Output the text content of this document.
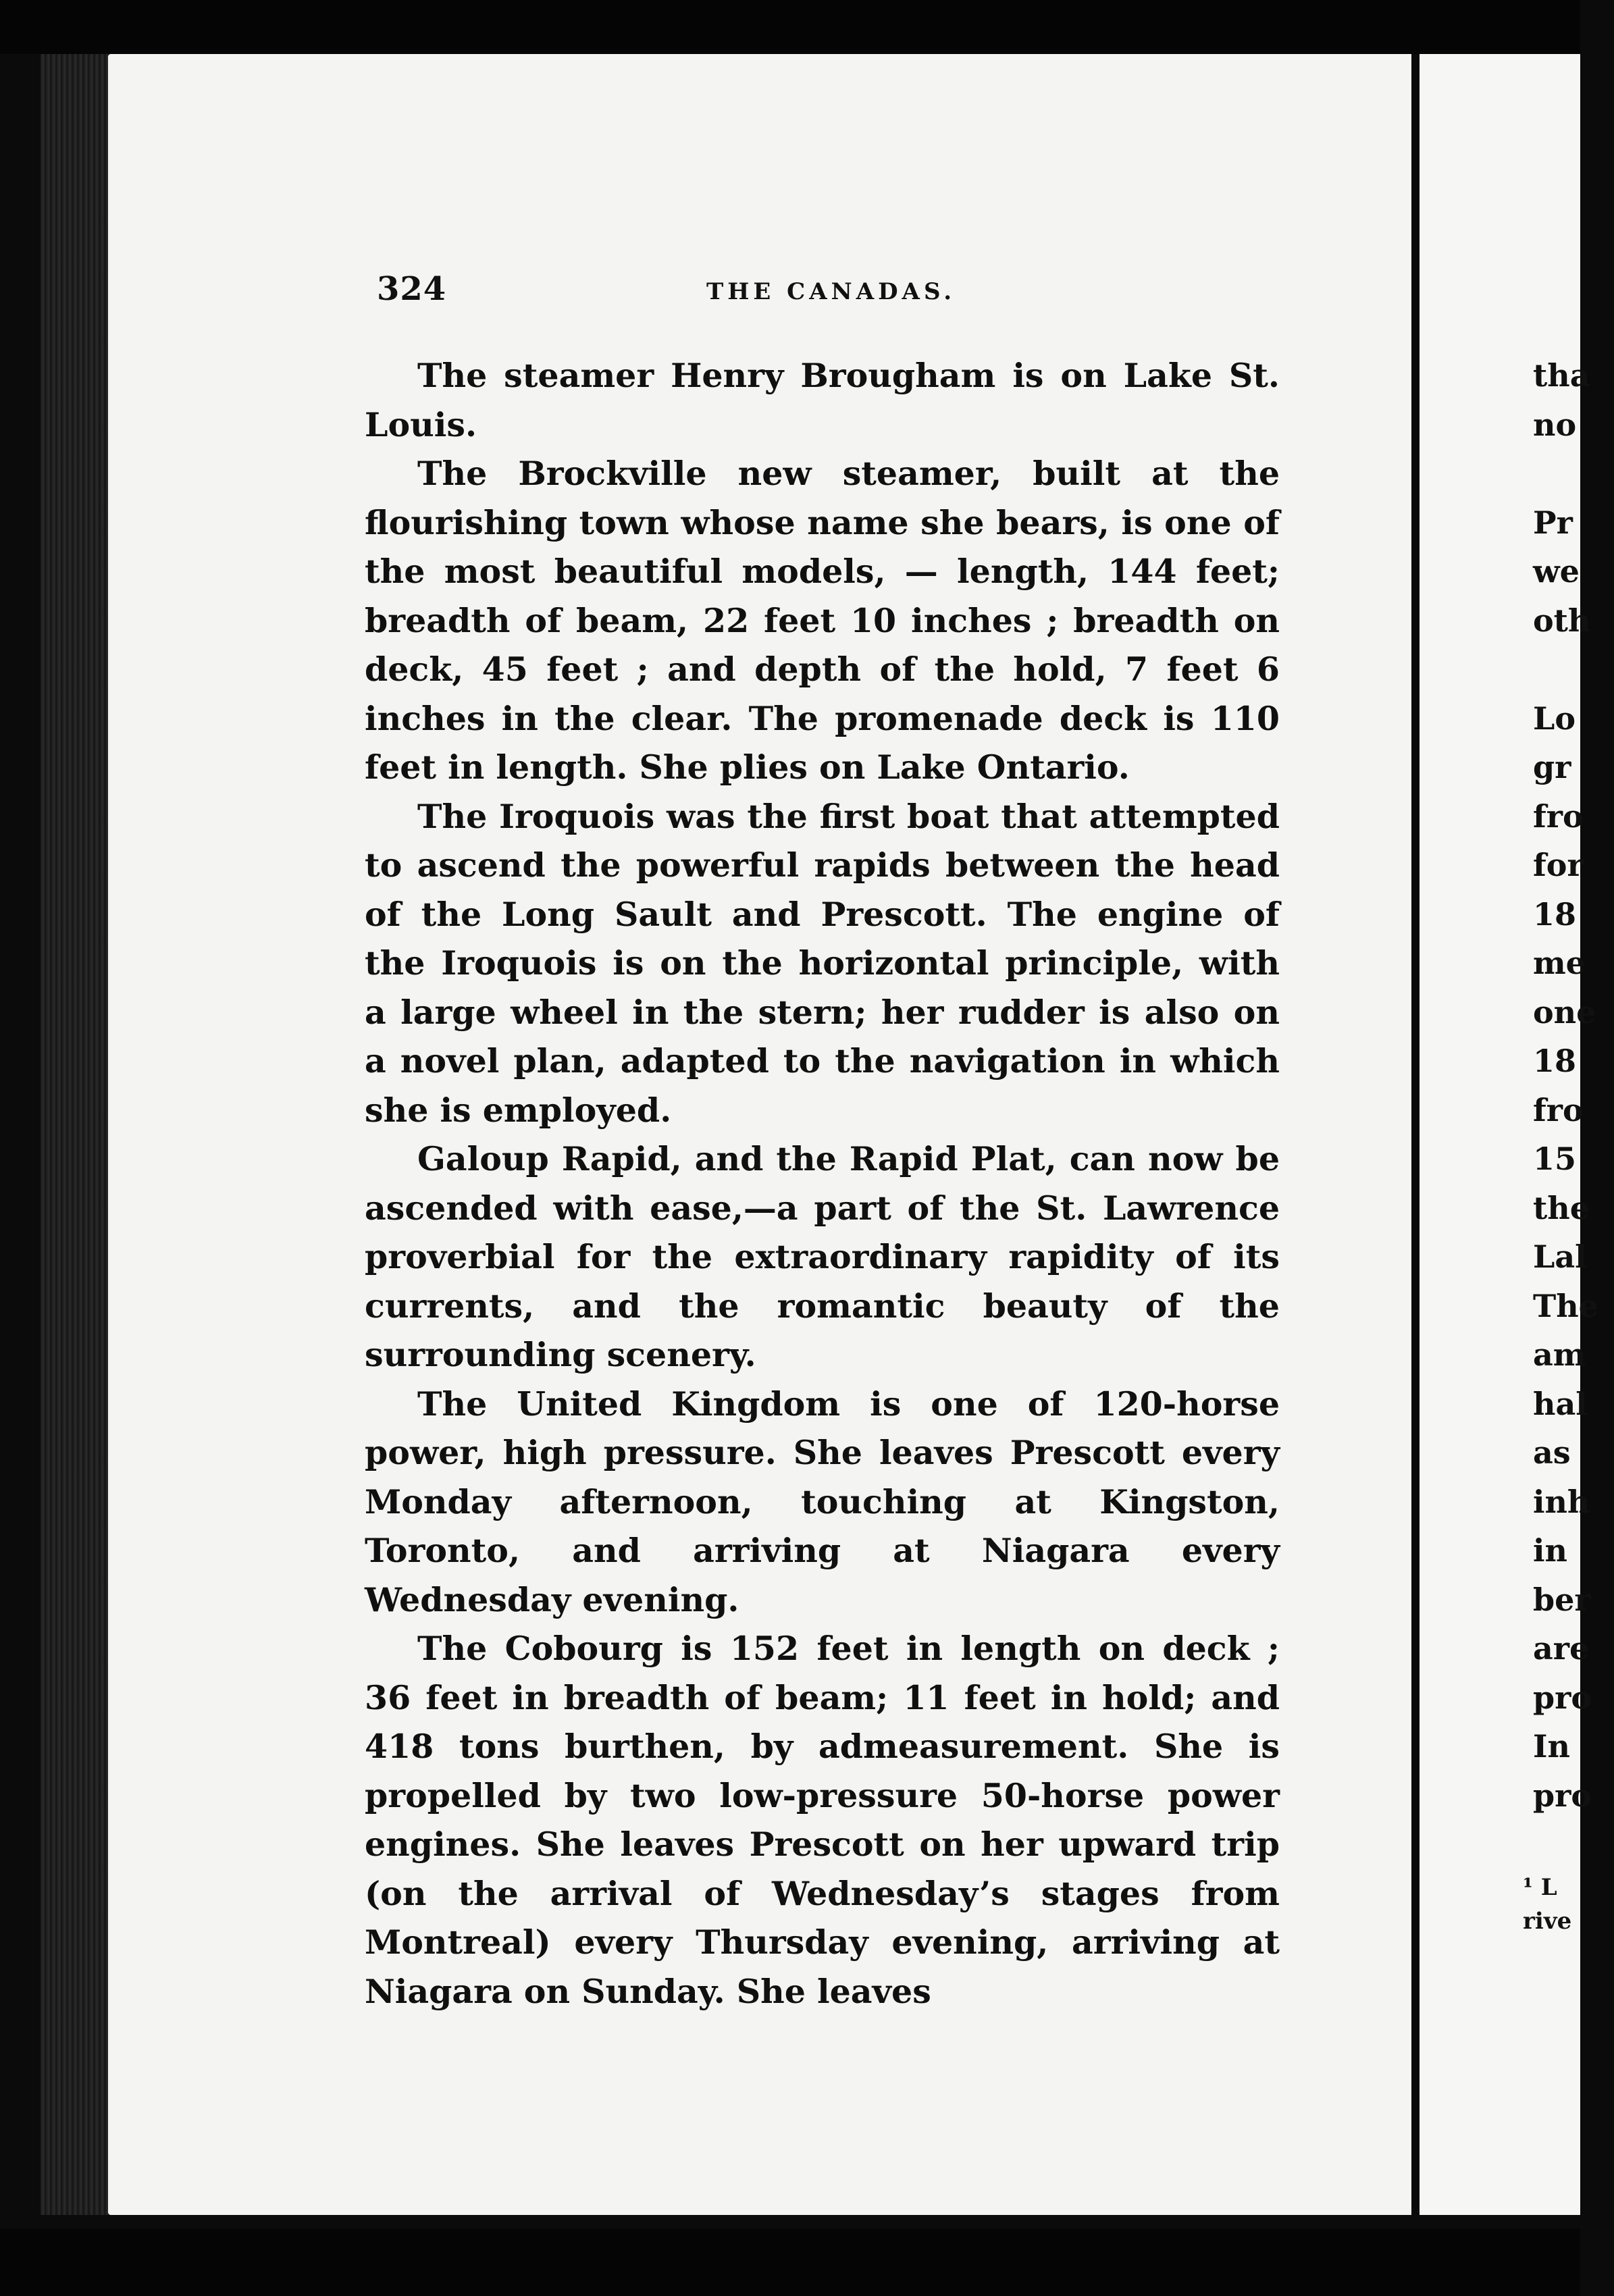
324	THE CANADAS.

The steamer Henry Brougham is on Lake St. Louis.

The Brockville new steamer, built at the flourishing town whose name she bears, is one of the most beautiful models, — length, 144 feet; breadth of beam, 22 feet 10 inches ; breadth on deck, 45 feet ; and depth of the hold, 7 feet 6 inches in the clear. The promenade deck is 110 feet in length. She plies on Lake Ontario.

The Iroquois was the first boat that attempted to ascend the powerful rapids between the head of the Long Sault and Prescott. The engine of the Iroquois is on the horizontal principle, with a large wheel in the stern; her rudder is also on a novel plan, adapted to the navigation in which she is employed.

Galoup Rapid, and the Rapid Plat, can now be ascended with ease,—a part of the St. Lawrence proverbial for the extraordinary rapidity of its currents, and the romantic beauty of the surrounding scenery.

The United Kingdom is one of 120-horse power, high pressure. She leaves Prescott every Monday afternoon, touching at Kingston, Toronto, and arriving at Niagara every Wednesday evening.

The Cobourg is 152 feet in length on deck ; 36 feet in breadth of beam; 11 feet in hold; and 418 tons burthen, by admeasurement. She is propelled by two low-pressure 50-horse power engines. She leaves Prescott on her upward trip (on the arrival of Wednesday’s stages from Montreal) every Thursday evening, arriving at Niagara on Sunday. She leaves

tha
no
Pr
we
oth
Lo
gr
fro
for
18
me
one
18
fro
15
the
Lal
The
am
hal
as
inh
in
ber
are
pro
In
pro
¹ L
rive
